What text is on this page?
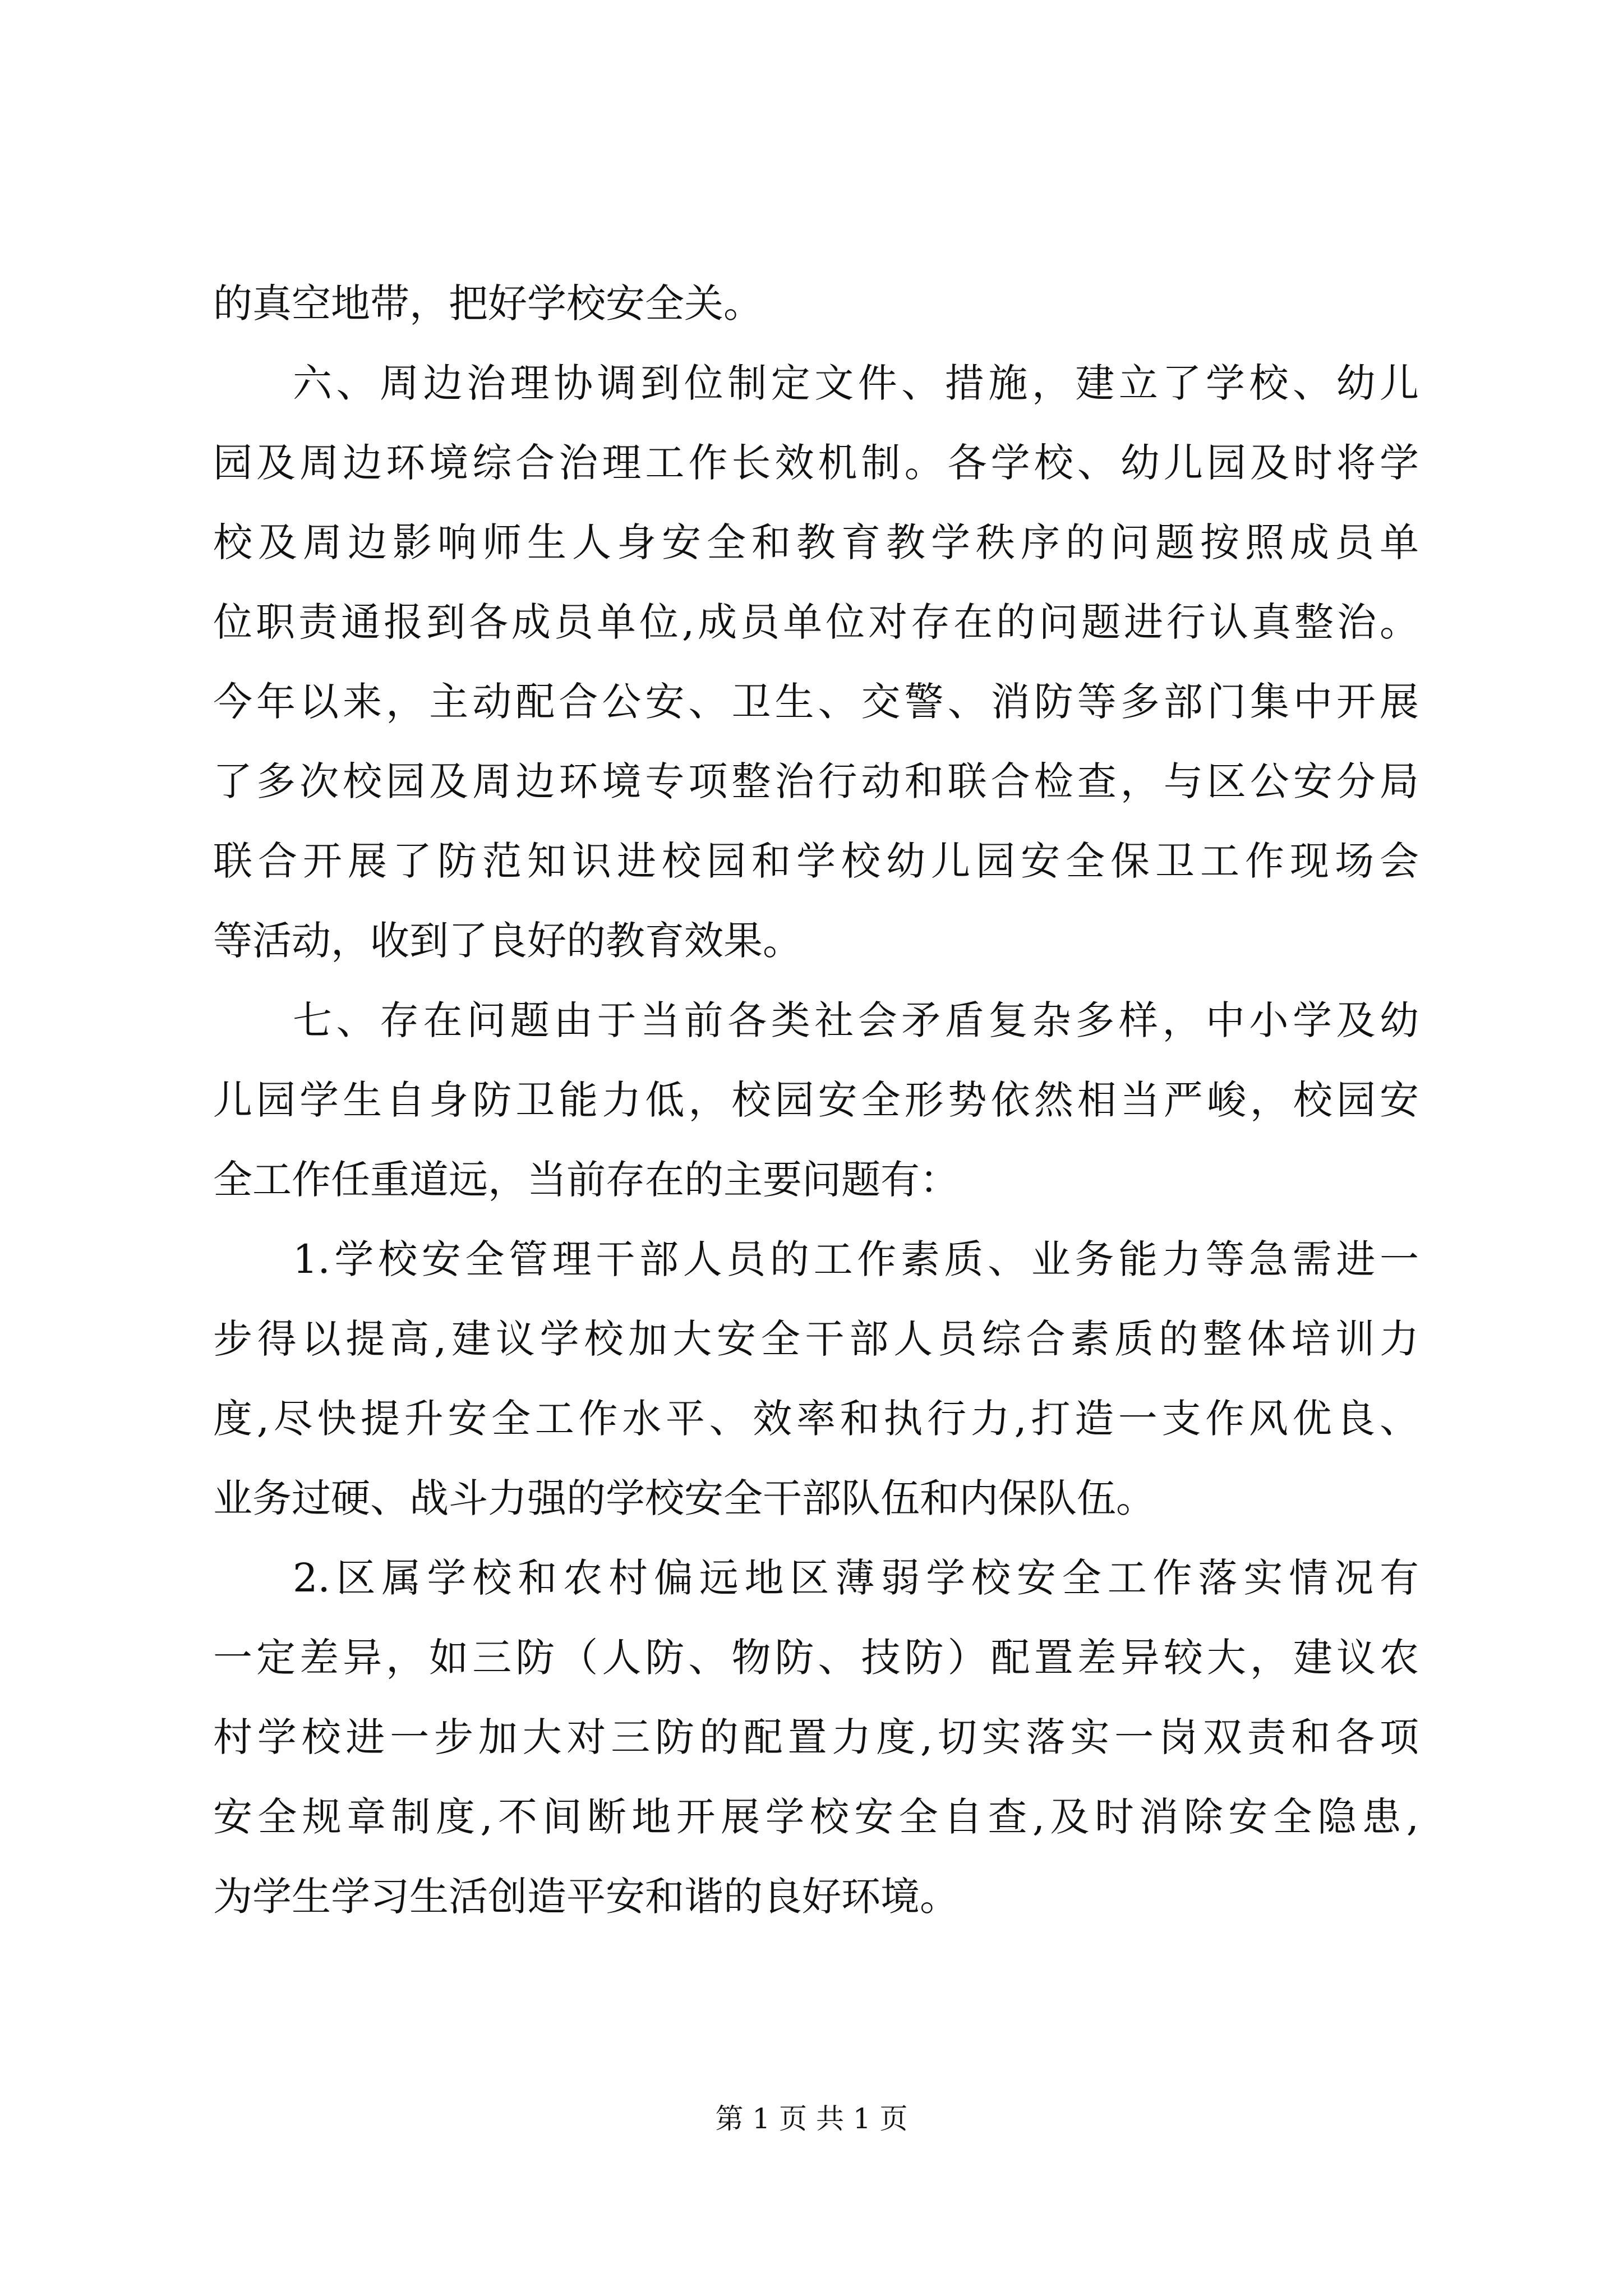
的真空地带，把好学校安全关。
六、周边治理协调到位制定文件、措施，建立了学校、幼儿
园及周边环境综合治理工作长效机制。各学校、幼儿园及时将学
校及周边影响师生人身安全和教育教学秩序的问题按照成员单
位职责通报到各成员单位,成员单位对存在的问题进行认真整治。
今年以来，主动配合公安、卫生、交警、消防等多部门集中开展
了多次校园及周边环境专项整治行动和联合检查，与区公安分局
联合开展了防范知识进校园和学校幼儿园安全保卫工作现场会
等活动，收到了良好的教育效果。
七、存在问题由于当前各类社会矛盾复杂多样，中小学及幼
儿园学生自身防卫能力低，校园安全形势依然相当严峻，校园安
全工作任重道远，当前存在的主要问题有：
1.学校安全管理干部人员的工作素质、业务能力等急需进一
步得以提高,建议学校加大安全干部人员综合素质的整体培训力
度,尽快提升安全工作水平、效率和执行力,打造一支作风优良、
业务过硬、战斗力强的学校安全干部队伍和内保队伍。
2.区属学校和农村偏远地区薄弱学校安全工作落实情况有
一定差异，如三防（人防、物防、技防）配置差异较大，建议农
村学校进一步加大对三防的配置力度,切实落实一岗双责和各项
安全规章制度,不间断地开展学校安全自查,及时消除安全隐患,
为学生学习生活创造平安和谐的良好环境。
第 1 页 共 1 页
